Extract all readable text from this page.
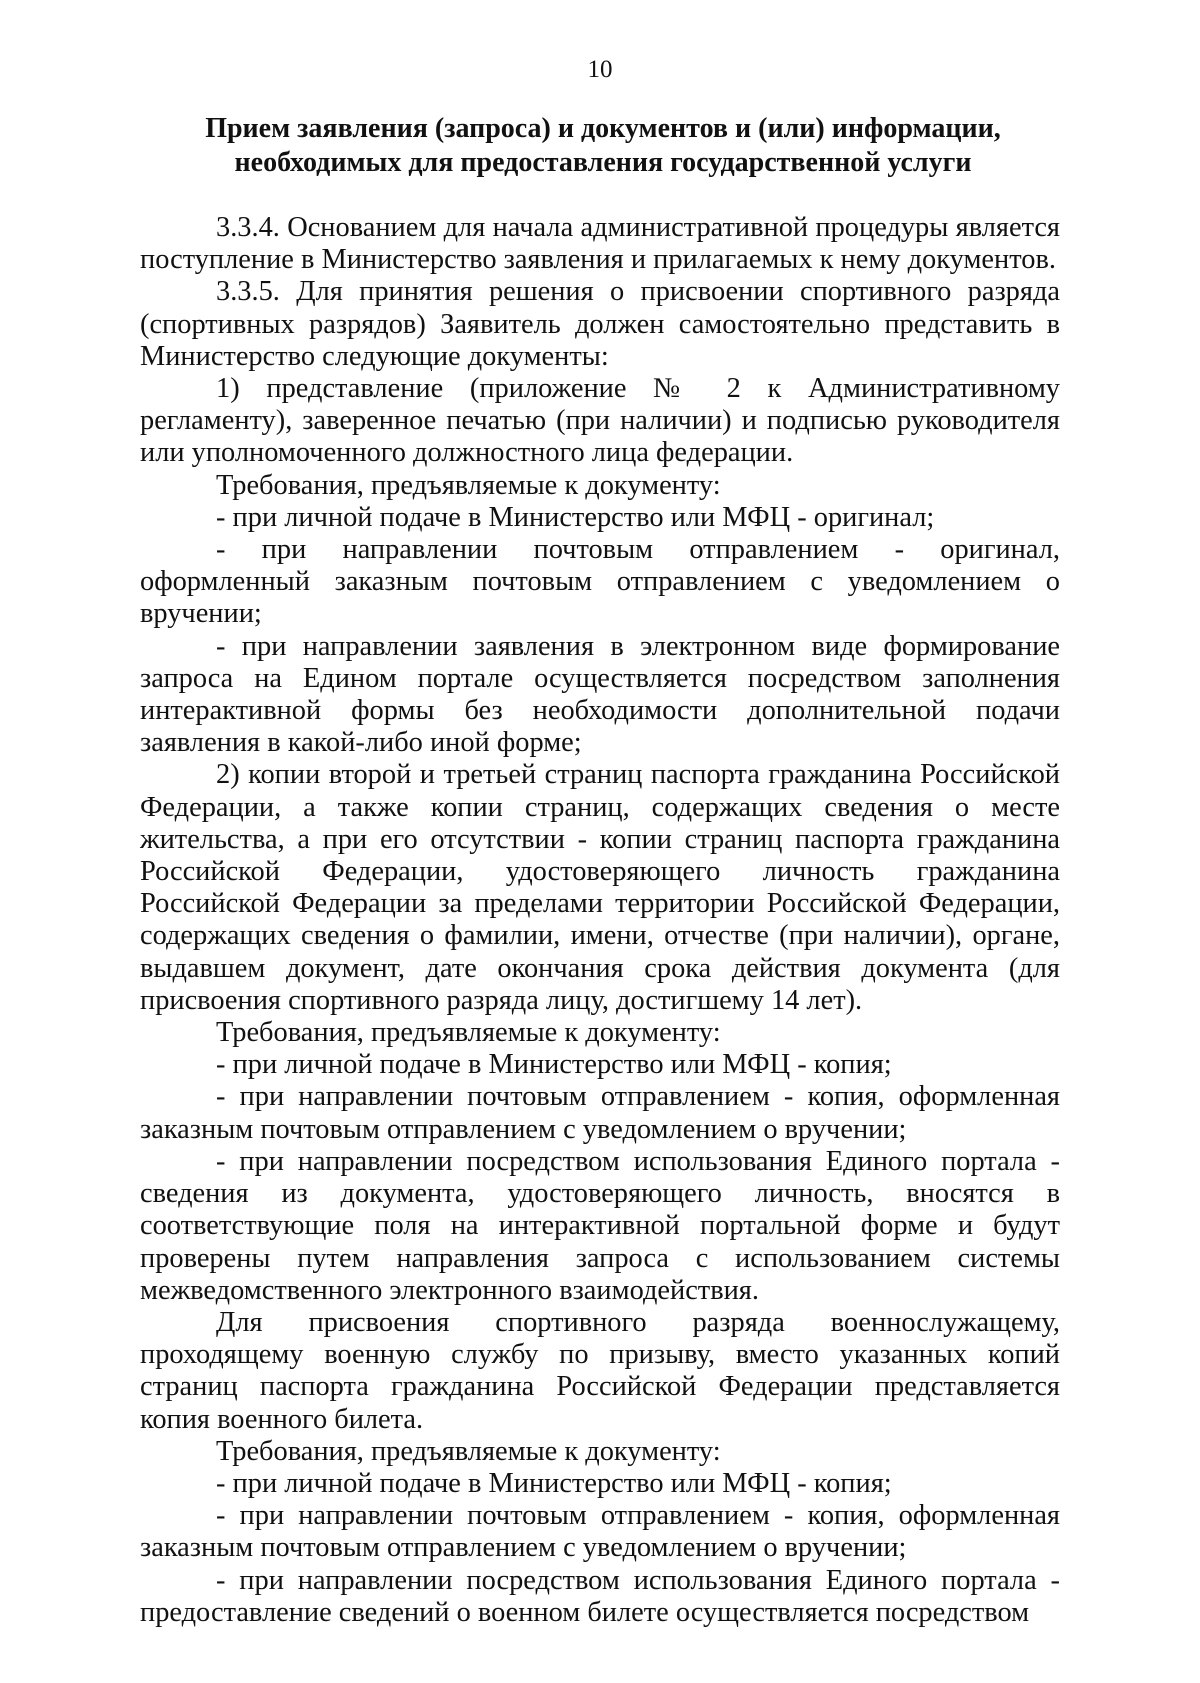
10
Прием заявления (запроса) и документов и (или) информации,
необходимых для предоставления государственной услуги

3.3.4. Основанием для начала административной процедуры является поступление в Министерство заявления и прилагаемых к нему документов.

3.3.5. Для принятия решения о присвоении спортивного разряда (спортивных разрядов) Заявитель должен самостоятельно представить в Министерство следующие документы:

1) представление (приложение № 2 к Административному регламенту), заверенное печатью (при наличии) и подписью руководителя или уполномоченного должностного лица федерации.

Требования, предъявляемые к документу:

- при личной подаче в Министерство или МФЦ - оригинал;

- при направлении почтовым отправлением - оригинал, оформленный заказным почтовым отправлением с уведомлением о вручении;

- при направлении заявления в электронном виде формирование запроса на Едином портале осуществляется посредством заполнения интерактивной формы без необходимости дополнительной подачи заявления в какой-либо иной форме;

2) копии второй и третьей страниц паспорта гражданина Российской Федерации, а также копии страниц, содержащих сведения о месте жительства, а при его отсутствии - копии страниц паспорта гражданина Российской Федерации, удостоверяющего личность гражданина Российской Федерации за пределами территории Российской Федерации, содержащих сведения о фамилии, имени, отчестве (при наличии), органе, выдавшем документ, дате окончания срока действия документа (для присвоения спортивного разряда лицу, достигшему 14 лет).

Требования, предъявляемые к документу:

- при личной подаче в Министерство или МФЦ - копия;

- при направлении почтовым отправлением - копия, оформленная заказным почтовым отправлением с уведомлением о вручении;

- при направлении посредством использования Единого портала - сведения из документа, удостоверяющего личность, вносятся в соответствующие поля на интерактивной портальной форме и будут проверены путем направления запроса с использованием системы межведомственного электронного взаимодействия.

Для присвоения спортивного разряда военнослужащему, проходящему военную службу по призыву, вместо указанных копий страниц паспорта гражданина Российской Федерации представляется копия военного билета.

Требования, предъявляемые к документу:

- при личной подаче в Министерство или МФЦ - копия;

- при направлении почтовым отправлением - копия, оформленная заказным почтовым отправлением с уведомлением о вручении;

- при направлении посредством использования Единого портала - предоставление сведений о военном билете осуществляется посредством
